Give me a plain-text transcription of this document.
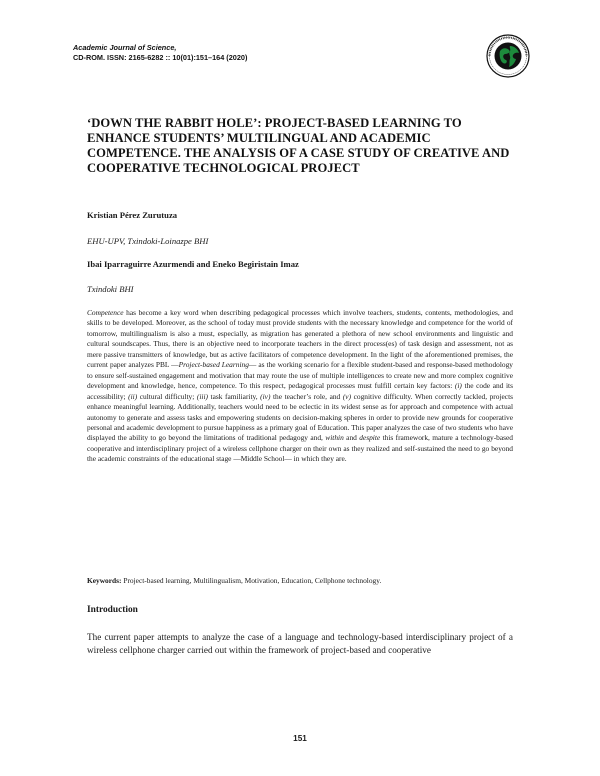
Academic Journal of Science,
CD-ROM. ISSN: 2165-6282 :: 10(01):151–164 (2020)
‘DOWN THE RABBIT HOLE’: PROJECT-BASED LEARNING TO ENHANCE STUDENTS’ MULTILINGUAL AND ACADEMIC COMPETENCE. THE ANALYSIS OF A CASE STUDY OF CREATIVE AND COOPERATIVE TECHNOLOGICAL PROJECT
Kristian Pérez Zurutuza
EHU-UPV, Txindoki-Loinazpe BHI
Ibai Iparraguirre Azurmendi and Eneko Begiristain Imaz
Txindoki BHI

Competence has become a key word when describing pedagogical processes which involve teachers, students, contents, methodologies, and skills to be developed. Moreover, as the school of today must provide students with the necessary knowledge and competence for the world of tomorrow, multilingualism is also a must, especially, as migration has generated a plethora of new school environments and linguistic and cultural soundscapes. Thus, there is an objective need to incorporate teachers in the direct process(es) of task design and assessment, not as mere passive transmitters of knowledge, but as active facilitators of competence development. In the light of the aforementioned premises, the current paper analyzes PBL —Project-based Learning— as the working scenario for a flexible student-based and response-based methodology to ensure self-sustained engagement and motivation that may route the use of multiple intelligences to create new and more complex cognitive development and knowledge, hence, competence. To this respect, pedagogical processes must fulfill certain key factors: (i) the code and its accessibility; (ii) cultural difficulty; (iii) task familiarity, (iv) the teacher’s role, and (v) cognitive difficulty. When correctly tackled, projects enhance meaningful learning. Additionally, teachers would need to be eclectic in its widest sense as for approach and competence with actual autonomy to generate and assess tasks and empowering students on decision-making spheres in order to provide new grounds for cooperative personal and academic development to pursue happiness as a primary goal of Education. This paper analyzes the case of two students who have displayed the ability to go beyond the limitations of traditional pedagogy and, within and despite this framework, mature a technology-based cooperative and interdisciplinary project of a wireless cellphone charger on their own as they realized and self-sustained the need to go beyond the academic constraints of the educational stage —Middle School— in which they are.

Keywords: Project-based learning, Multilingualism, Motivation, Education, Cellphone technology.

Introduction

The current paper attempts to analyze the case of a language and technology-based interdisciplinary project of a wireless cellphone charger carried out within the framework of project-based and cooperative

151
